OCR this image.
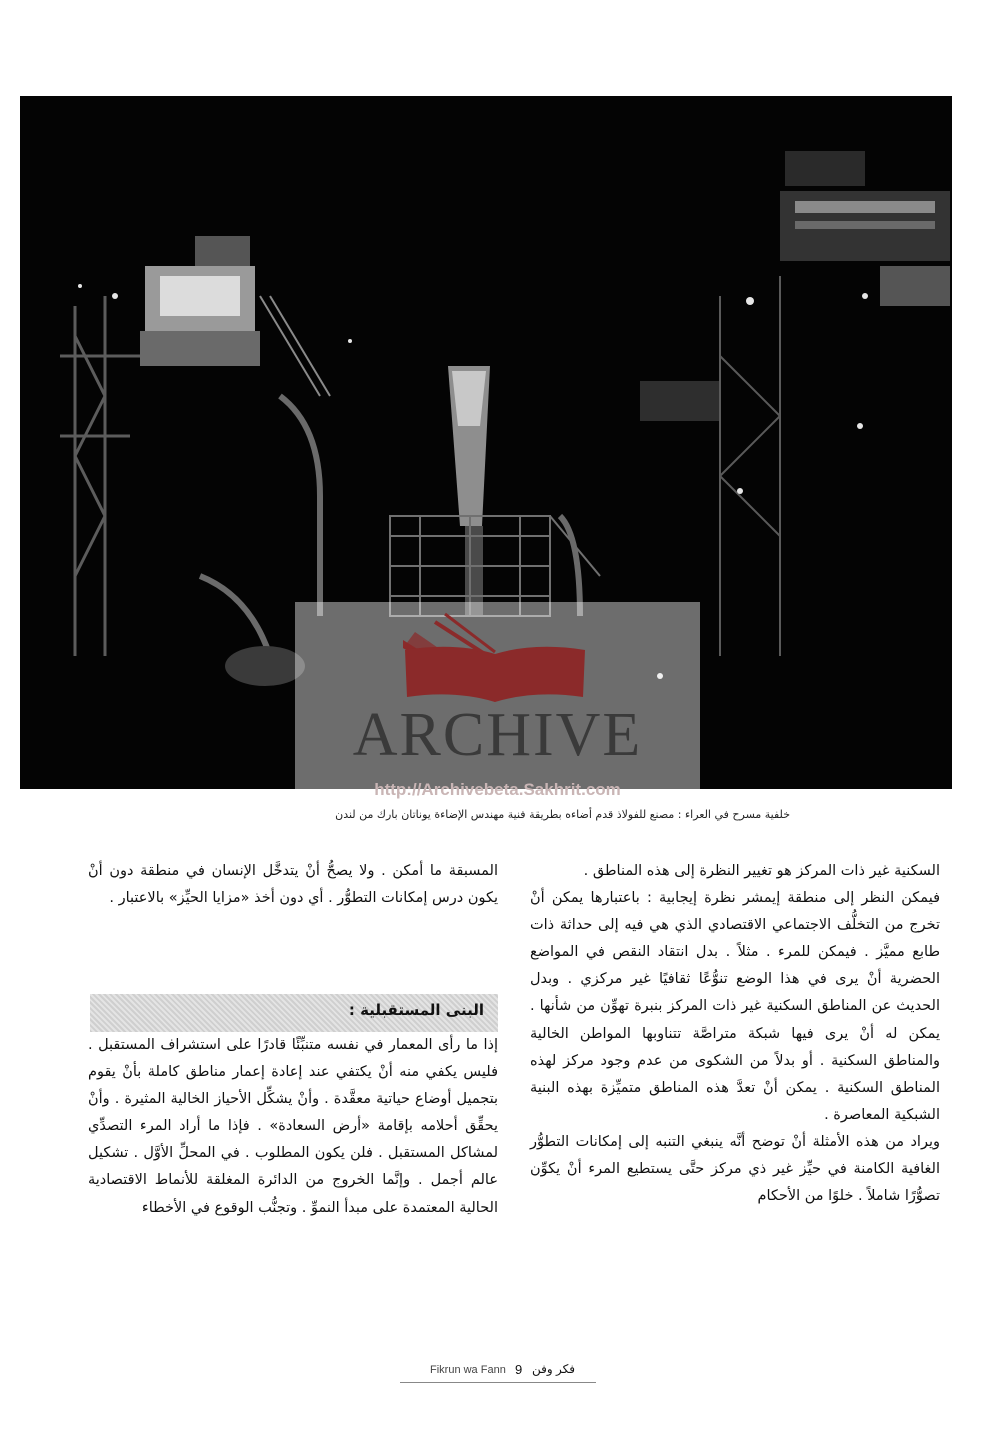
ARCHIVE
http://Archivebeta.Sakhrit.com
خلفية مسرح في العراء : مصنع للفولاذ قدم أضاءه بطريقة فنية مهندس الإضاءة يوناتان بارك من لندن

السكنية غير ذات المركز هو تغيير النظرة إلى هذه المناطق .

فيمكن النظر إلى منطقة إيمشر نظرة إيجابية : باعتبارها يمكن أنْ تخرج من التخلُّف الاجتماعي الاقتصادي الذي هي فيه إلى حداثة ذات طابع مميَّز . فيمكن للمرء . مثلاً . بدل انتقاد النقص في المواضع الحضرية أنْ يرى في هذا الوضع تنوُّعًا ثقافيًا غير مركزي . وبدل الحديث عن المناطق السكنية غير ذات المركز بنبرة تهوِّن من شأنها . يمكن له أنْ يرى فيها شبكة متراصَّة تتناوبها المواطن الخالية والمناطق السكنية . أو بدلاً من الشكوى من عدم وجود مركز لهذه المناطق السكنية . يمكن أنْ تعدَّ هذه المناطق متميِّزة بهذه البنية الشبكية المعاصرة .

ويراد من هذه الأمثلة أنْ توضح أنَّه ينبغي التنبه إلى إمكانات التطوُّر الغافية الكامنة في حيِّز غير ذي مركز حتَّى يستطيع المرء أنْ يكوِّن تصوُّرًا شاملاً . خلوًا من الأحكام

المسبقة ما أمكن . ولا يصحُّ أنْ يتدخَّل الإنسان في منطقة دون أنْ يكون درس إمكانات التطوُّر . أي دون أخذ «مزايا الحيِّز» بالاعتبار .

البنى المستقبلية :

إذا ما رأى المعمار في نفسه متنبِّئًا قادرًا على استشراف المستقبل . فليس يكفي منه أنْ يكتفي عند إعادة إعمار مناطق كاملة بأنْ يقوم بتجميل أوضاع حياتية معقَّدة . وأنْ يشكِّل الأحياز الخالية المثيرة . وأنْ يحقِّق أحلامه بإقامة «أرض السعادة» . فإذا ما أراد المرء التصدِّي لمشاكل المستقبل . فلن يكون المطلوب . في المحلِّ الأوَّل . تشكيل عالم أجمل . وإنَّما الخروج من الدائرة المغلقة للأنماط الاقتصادية الحالية المعتمدة على مبدأ النموِّ . وتجنُّب الوقوع في الأخطاء

Fikrun wa Fann 9 فكر وفن
